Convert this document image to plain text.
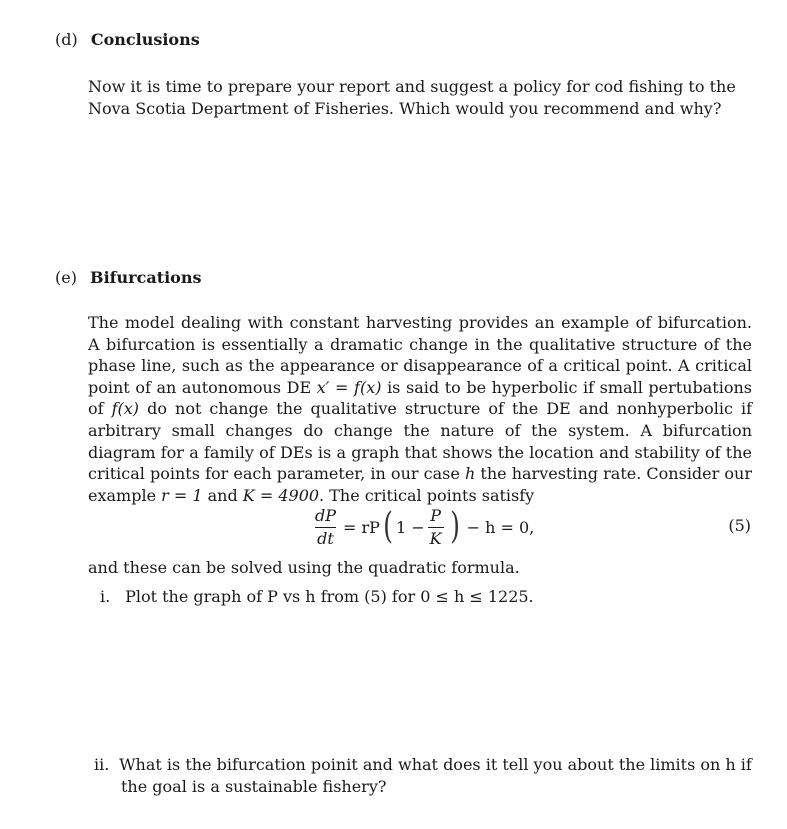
(d) Conclusions

Now it is time to prepare your report and suggest a policy for cod fishing to the Nova Scotia Department of Fisheries. Which would you recommend and why?

(e) Bifurcations

The model dealing with constant harvesting provides an example of bifurcation. A bifurcation is essentially a dramatic change in the qualitative structure of the phase line, such as the appearance or disappearance of a critical point. A critical point of an autonomous DE x′ = f(x) is said to be hyperbolic if small pertubations of f(x) do not change the qualitative structure of the DE and nonhyperbolic if arbitrary small changes do change the nature of the system. A bifurcation diagram for a family of DEs is a graph that shows the location and stability of the critical points for each parameter, in our case h the harvesting rate. Consider our example r = 1 and K = 4900. The critical points satisfy

$\frac{dP}{dt}$ = rP ( $1 - \frac{P}{K}$ ) − h = 0,	(5)

and these can be solved using the quadratic formula.

i. Plot the graph of P vs h from (5) for 0 ≤ h ≤ 1225.

ii. What is the bifurcation poinit and what does it tell you about the limits on h if
the goal is a sustainable fishery?
